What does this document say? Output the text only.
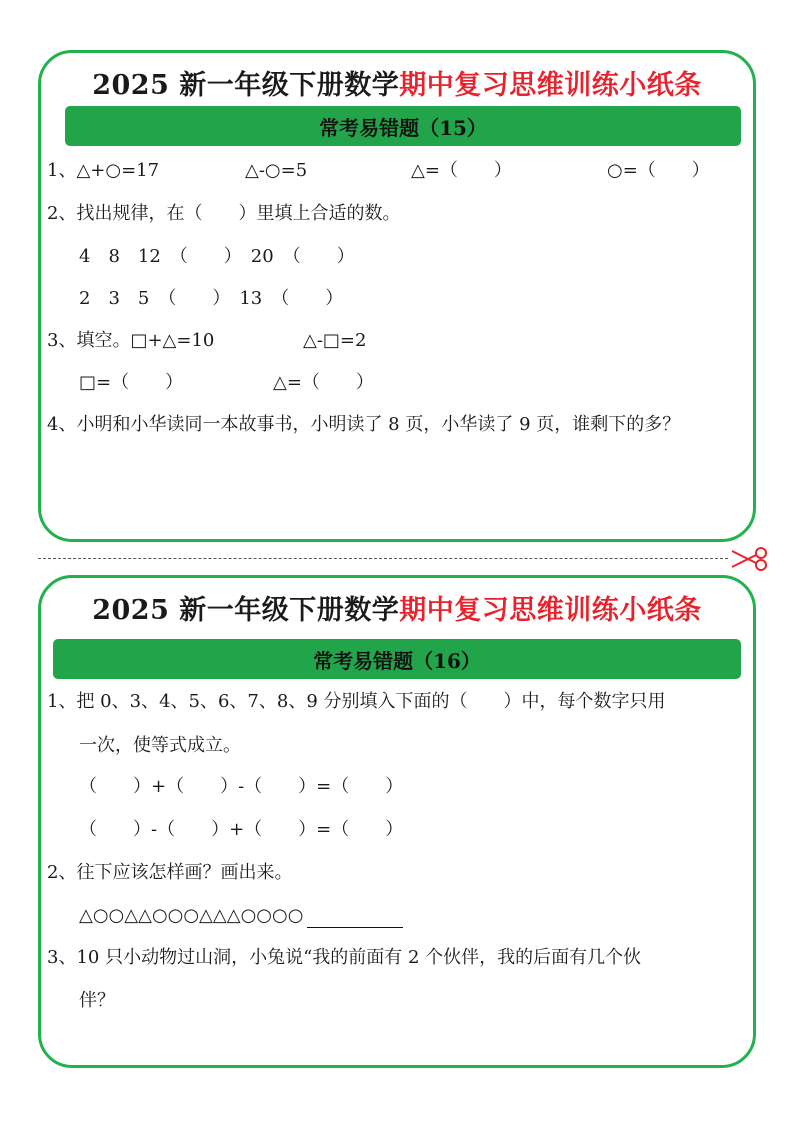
2025 新一年级下册数学期中复习思维训练小纸条
常考易错题（15）
1、△+○=17	△-○=5	△=（　　）	○=（　　）
2、找出规律，在（　　）里填上合适的数。
4　8　12　（　　）　20　（　　）
2　3　5　（　　）　13　（　　）
3、填空。□+△=10	△-□=2
□=（　　）	△=（　　）
4、小明和小华读同一本故事书，小明读了 8 页，小华读了 9 页，谁剩下的多？
2025 新一年级下册数学期中复习思维训练小纸条
常考易错题（16）
1、把 0、3、4、5、6、7、8、9 分别填入下面的（　　）中，每个数字只用
一次，使等式成立。
（　　）+（　　）-（　　）=（　　）
（　　）-（　　）+（　　）=（　　）
2、往下应该怎样画？画出来。
△○○△△○○○△△△○○○○
3、10 只小动物过山洞，小兔说“我的前面有 2 个伙伴，我的后面有几个伙
伴？
